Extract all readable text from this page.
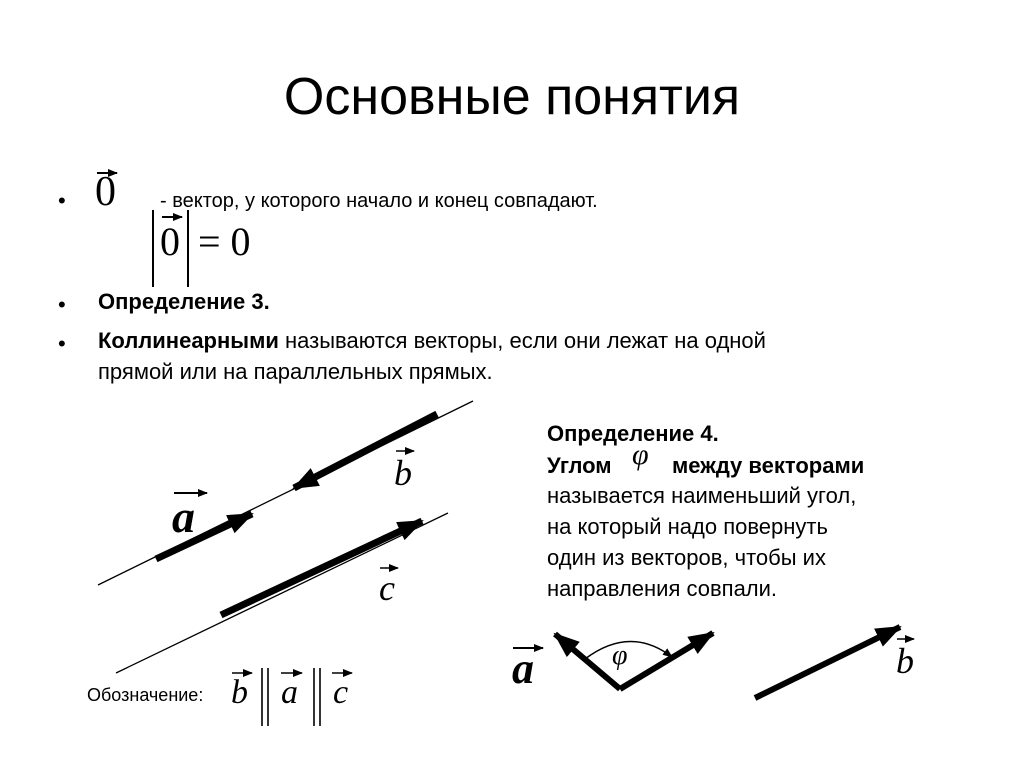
Основные понятия
• 0 - вектор, у которого начало и конец совпадают.
0 = 0
• Определение 3.
• Коллинеарными называются векторы, если они лежат на одной
прямой или на параллельных прямых.
Определение 4.
Углом φ между векторами
называется наименьший угол,
на который надо повернуть
один из векторов, чтобы их
направления совпали.
b
a
c
a	φ	b
Обозначение: b a c
